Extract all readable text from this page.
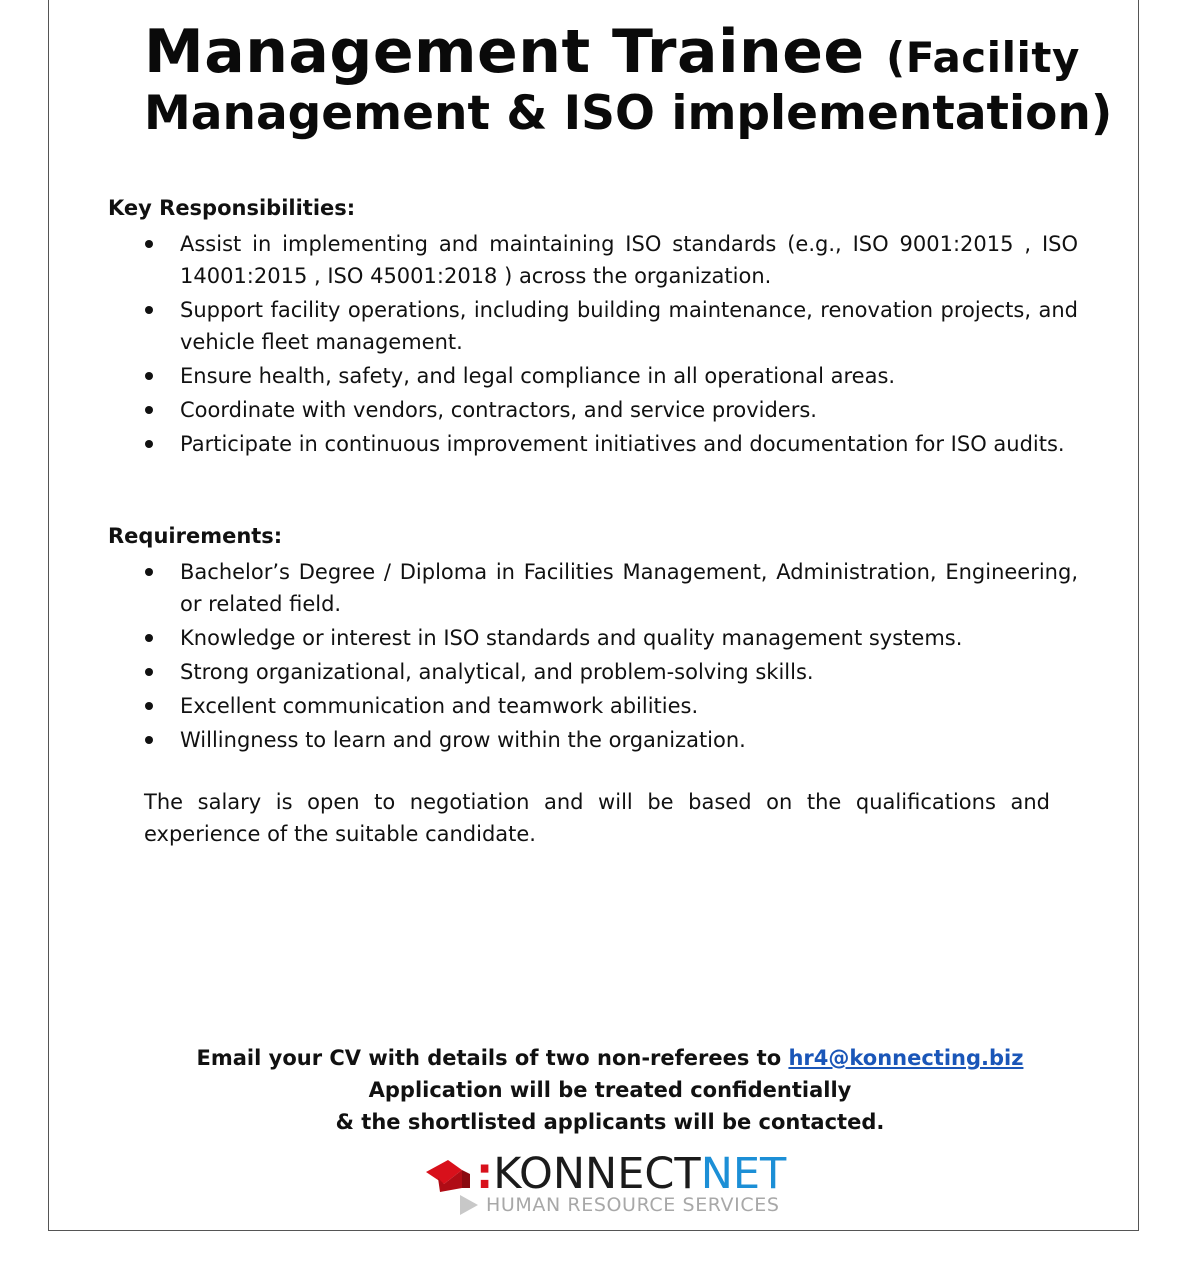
Management Trainee (Facility
Management & ISO implementation)
Key Responsibilities:
Assist in implementing and maintaining ISO standards (e.g., ISO 9001:2015 , ISO 14001:2015 , ISO 45001:2018 ) across the organization.
Support facility operations, including building maintenance, renovation projects, and vehicle fleet management.
Ensure health, safety, and legal compliance in all operational areas.
Coordinate with vendors, contractors, and service providers.
Participate in continuous improvement initiatives and documentation for ISO audits.
Requirements:
Bachelor’s Degree / Diploma in Facilities Management, Administration, Engineering, or related field.
Knowledge or interest in ISO standards and quality management systems.
Strong organizational, analytical, and problem-solving skills.
Excellent communication and teamwork abilities.
Willingness to learn and grow within the organization.

The salary is open to negotiation and will be based on the qualifications and experience of the suitable candidate.

Email your CV with details of two non-referees to hr4@konnecting.biz
Application will be treated confidentially
& the shortlisted applicants will be contacted.

:KONNECTNET
HUMAN RESOURCE SERVICES
